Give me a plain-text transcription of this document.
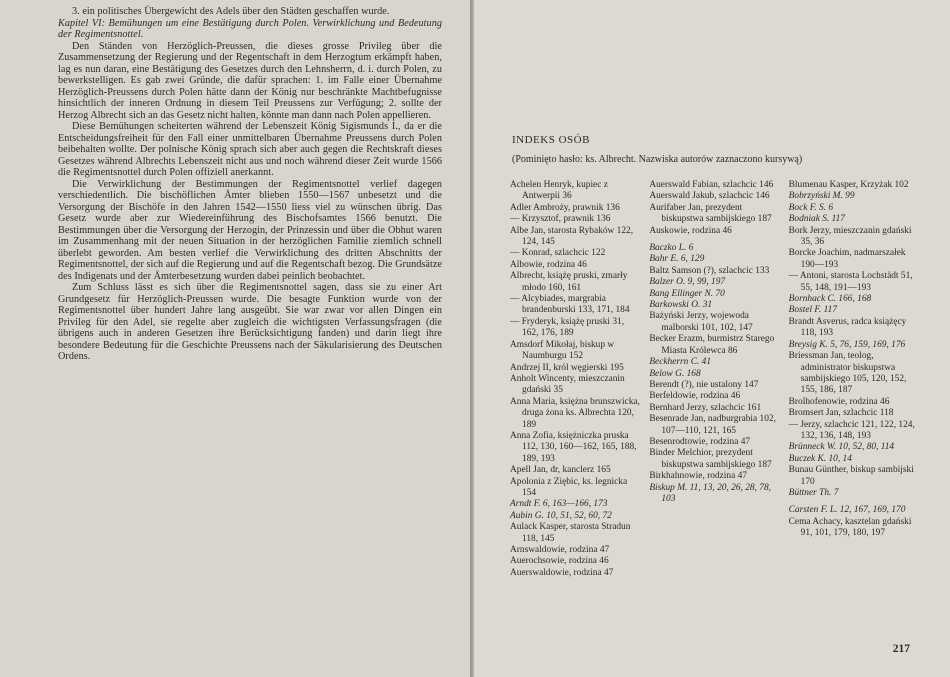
3. ein politisches Übergewicht des Adels über den Städten geschaffen wurde.

Kapitel VI: Bemühungen um eine Bestätigung durch Polen. Verwirklichung und Bedeutung der Regimentsnottel.

Den Ständen von Herzöglich-Preussen, die dieses grosse Privileg über die Zusammensetzung der Regierung und der Regentschaft in dem Herzogtum erkämpft haben, lag es nun daran, eine Bestätigung des Gesetzes durch den Lehnsherrn, d. i. durch Polen, zu bewerkstelligen. Es gab zwei Gründe, die dafür sprachen: 1. im Falle einer Übernahme Herzöglich-Preussens durch Polen hätte dann der König nur beschränkte Machtbefugnisse hinsichtlich der inneren Ordnung in diesem Teil Preussens zur Verfügung; 2. sollte der Herzog Albrecht sich an das Gesetz nicht halten, könnte man dann nach Polen appellieren.

Diese Bemühungen scheiterten während der Lebenszeit König Sigismunds I., da er die Entscheidungsfreiheit für den Fall einer unmittelbaren Übernahme Preussens durch Polen beibehalten wollte. Der polnische König sprach sich aber auch gegen die Rechtskraft dieses Gesetzes während Albrechts Lebenszeit nicht aus und noch während dieser Zeit wurde 1566 die Regimentsnottel durch Polen offiziell anerkannt.

Die Verwirklichung der Bestimmungen der Regimentsnottel verlief dagegen verschiedentlich. Die bischöflichen Ämter blieben 1550—1567 unbesetzt und die Versorgung der Bischöfe in den Jahren 1542—1550 liess viel zu wünschen übrig. Das Gesetz wurde aber zur Wiedereinführung des Bischofsamtes 1566 benutzt. Die Bestimmungen über die Versorgung der Herzogin, der Prinzessin und über die Obhut waren im Zusammenhang mit der neuen Situation in der herzöglichen Familie ziemlich schnell überlebt geworden. Am besten verlief die Verwirklichung des dritten Abschnitts der Regimentsnottel, der sich auf die Regierung und auf die Regentschaft bezog. Die Grundsätze des Indigenats und der Ämterbesetzung wurden dabei peinlich beobachtet.

Zum Schluss lässt es sich über die Regimentsnottel sagen, dass sie zu einer Art Grundgesetz für Herzöglich-Preussen wurde. Die besagte Funktion wurde von der Regimentsnottel über hundert Jahre lang ausgeübt. Sie war zwar vor allen Dingen ein Privileg für den Adel, sie regelte aber zugleich die wichtigsten Verfassungsfragen (die übrigens auch in anderen Gesetzen ihre Berücksichtigung fanden) und darin liegt ihre besondere Bedeutung für die Geschichte Preussens nach der Säkularisierung des Deutschen Ordens.

INDEKS OSÓB
(Pominięto hasło: ks. Albrecht. Nazwiska autorów zaznaczono kursywą)

Achelen Henryk, kupiec z Antwerpii 36

Adler Ambroży, prawnik 136

— Krzysztof, prawnik 136

Albe Jan, starosta Rybaków 122, 124, 145

— Konrad, szlachcic 122

Albowie, rodzina 46

Albrecht, książę pruski, zmarły młodo 160, 161

— Alcybiades, margrabia brandenburski 133, 171, 184

— Fryderyk, książę pruski 31, 162, 176, 189

Amsdorf Mikołaj, biskup w Naumburgu 152

Andrzej II, król węgierski 195

Anholt Wincenty, mieszczanin gdański 35

Anna Maria, księżna brunszwicka, druga żona ks. Albrechta 120, 189

Anna Zofia, księżniczka pruska 112, 130, 160—162, 165, 188, 189, 193

Apell Jan, dr, kanclerz 165

Apolonia z Ziębic, ks. legnicka 154

Arndt F. 6, 163—166, 173

Aubin G. 10, 51, 52, 60, 72

Aulack Kasper, starosta Stradun 118, 145

Arnswaldowie, rodzina 47

Auerochsowie, rodzina 46

Auerswaldowie, rodzina 47

Auerswald Fabian, szlachcic 146

Auerswald Jakub, szlachcic 146

Aurifaber Jan, prezydent biskupstwa sambijskiego 187

Auskowie, rodzina 46

Baczko L. 6

Bahr E. 6, 129

Baltz Samson (?), szlachcic 133

Balzer O. 9, 99, 197

Bang Ellinger N. 70

Barkowski O. 31

Bażyński Jerzy, wojewoda malborski 101, 102, 147

Becker Erazm, burmistrz Starego Miasta Królewca 86

Beckherrn C. 41

Below G. 168

Berendt (?), nie ustalony 147

Berfeldowie, rodzina 46

Bernhard Jerzy, szlachcic 161

Besenrade Jan, nadburgrabia 102, 107—110, 121, 165

Besenrodtowie, rodzina 47

Binder Melchior, prezydent biskupstwa sambijskiego 187

Birkhahnowie, rodzina 47

Biskup M. 11, 13, 20, 26, 28, 78, 103

Blumenau Kasper, Krzyżak 102

Bobrzyński M. 99

Bock F. S. 6

Bodniak S. 117

Bork Jerzy, mieszczanin gdański 35, 36

Borcke Joachim, nadmarszałek 190—193

— Antoni, starosta Lochstädt 51, 55, 148, 191—193

Bornhack C. 166, 168

Bostel F. 117

Brandt Asverus, radca książęcy 118, 193

Breysig K. 5, 76, 159, 169, 176

Briessman Jan, teolog, administrator biskupstwa sambijskiego 105, 120, 152, 155, 186, 187

Brolhofenowie, rodzina 46

Bromsert Jan, szlachcic 118

— Jerzy, szlachcic 121, 122, 124, 132, 136, 148, 193

Brünneck W. 10, 52, 80, 114

Buczek K. 10, 14

Bunau Günther, biskup sambijski 170

Büttner Th. 7

Carsten F. L. 12, 167, 169, 170

Cema Achacy, kasztelan gdański 91, 101, 179, 180, 197

217
